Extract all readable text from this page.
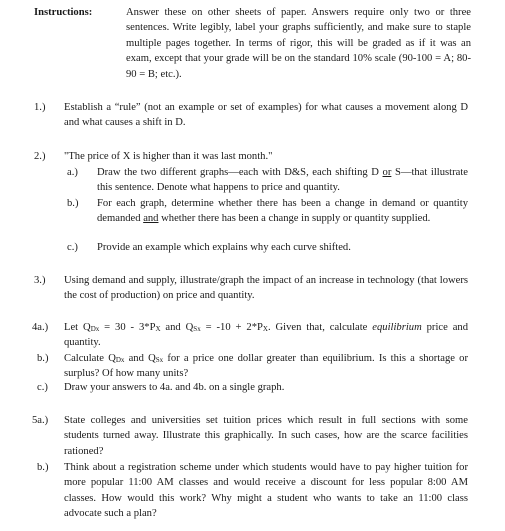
Instructions:	Answer these on other sheets of paper. Answers require only two or three sentences. Write legibly, label your graphs sufficiently, and make sure to staple multiple pages together. In terms of rigor, this will be graded as if it was an exam, except that your grade will be on the standard 10% scale (90-100 = A; 80-90 = B; etc.).
1.) Establish a “rule” (not an example or set of examples) for what causes a movement along D and what causes a shift in D.
2.) "The price of X is higher than it was last month."
a.) Draw the two different graphs—each with D&S, each shifting D or S—that illustrate this sentence. Denote what happens to price and quantity.
b.) For each graph, determine whether there has been a change in demand or quantity demanded and whether there has been a change in supply or quantity supplied.
c.) Provide an example which explains why each curve shifted.
3.) Using demand and supply, illustrate/graph the impact of an increase in technology (that lowers the cost of production) on price and quantity.
4a.) Let $Q_{Dx} = 30 - 3*P_X$ and $Q_{Sx} = -10 + 2*P_X$. Given that, calculate equilibrium price and quantity.
b.) Calculate $Q_{Dx}$ and $Q_{Sx}$ for a price one dollar greater than equilibrium. Is this a shortage or surplus? Of how many units?
c.) Draw your answers to 4a. and 4b. on a single graph.
5a.) State colleges and universities set tuition prices which result in full sections with some students turned away. Illustrate this graphically. In such cases, how are the scarce facilities rationed?
b.) Think about a registration scheme under which students would have to pay higher tuition for more popular 11:00 AM classes and would receive a discount for less popular 8:00 AM classes. How would this work? Why might a student who wants to take an 11:00 class advocate such a plan?
